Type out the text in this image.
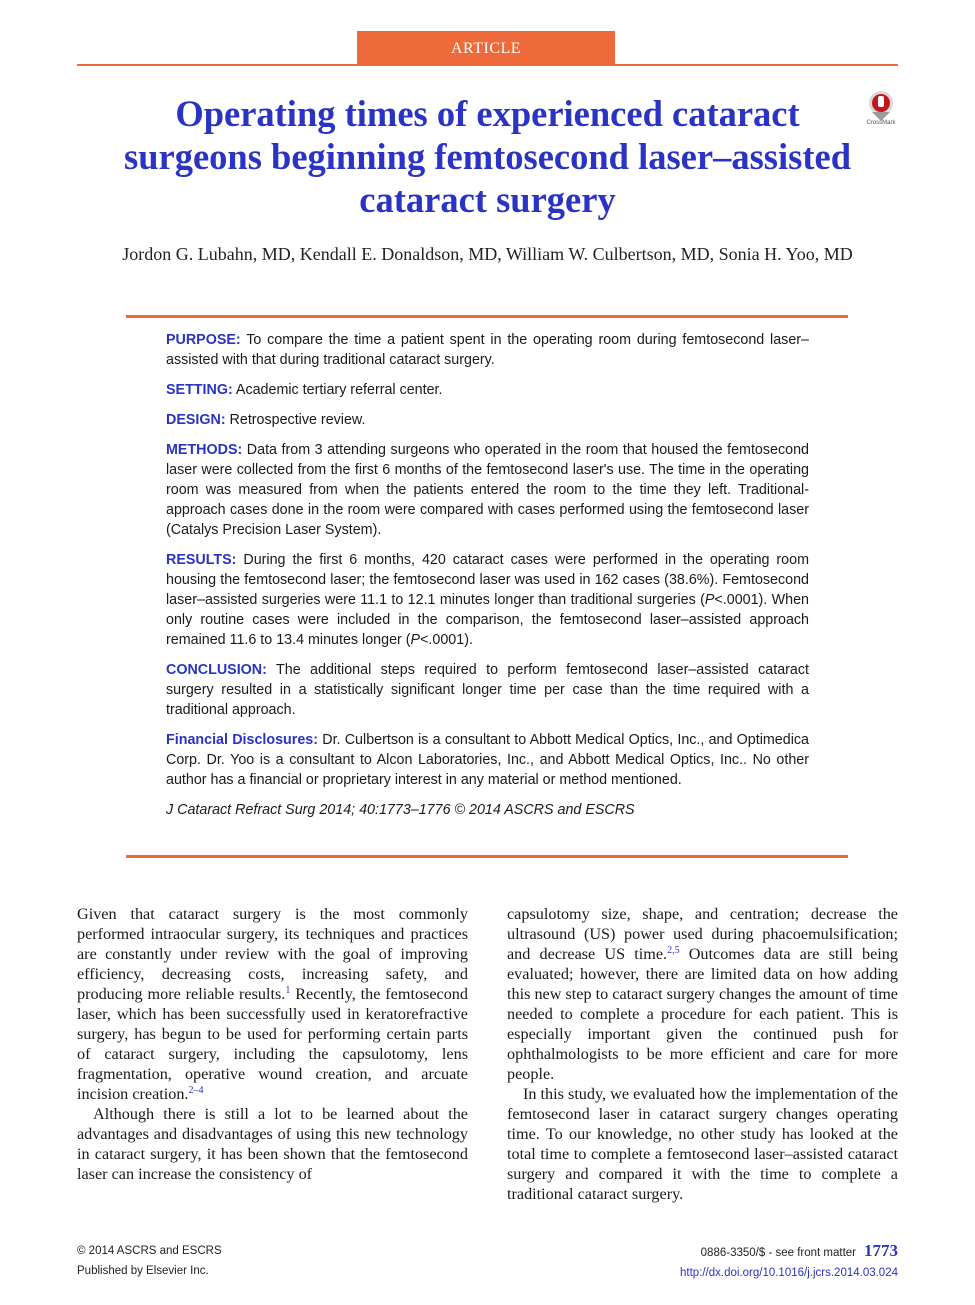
ARTICLE
Operating times of experienced cataract surgeons beginning femtosecond laser–assisted cataract surgery
CrossMark

Jordon G. Lubahn, MD, Kendall E. Donaldson, MD, William W. Culbertson, MD, Sonia H. Yoo, MD

PURPOSE: To compare the time a patient spent in the operating room during femtosecond laser–assisted with that during traditional cataract surgery.

SETTING: Academic tertiary referral center.

DESIGN: Retrospective review.

METHODS: Data from 3 attending surgeons who operated in the room that housed the femtosecond laser were collected from the first 6 months of the femtosecond laser's use. The time in the operating room was measured from when the patients entered the room to the time they left. Traditional-approach cases done in the room were compared with cases performed using the femtosecond laser (Catalys Precision Laser System).

RESULTS: During the first 6 months, 420 cataract cases were performed in the operating room housing the femtosecond laser; the femtosecond laser was used in 162 cases (38.6%). Femtosecond laser–assisted surgeries were 11.1 to 12.1 minutes longer than traditional surgeries (P<.0001). When only routine cases were included in the comparison, the femtosecond laser–assisted approach remained 11.6 to 13.4 minutes longer (P<.0001).

CONCLUSION: The additional steps required to perform femtosecond laser–assisted cataract surgery resulted in a statistically significant longer time per case than the time required with a traditional approach.

Financial Disclosures: Dr. Culbertson is a consultant to Abbott Medical Optics, Inc., and Optimedica Corp. Dr. Yoo is a consultant to Alcon Laboratories, Inc., and Abbott Medical Optics, Inc.. No other author has a financial or proprietary interest in any material or method mentioned.

J Cataract Refract Surg 2014; 40:1773–1776 © 2014 ASCRS and ESCRS

Given that cataract surgery is the most commonly performed intraocular surgery, its techniques and practices are constantly under review with the goal of improving efficiency, decreasing costs, increasing safety, and producing more reliable results.$^1$ Recently, the femtosecond laser, which has been successfully used in keratorefractive surgery, has begun to be used for performing certain parts of cataract surgery, including the capsulotomy, lens fragmentation, operative wound creation, and arcuate incision creation.$^{2-4}$

Although there is still a lot to be learned about the advantages and disadvantages of using this new technology in cataract surgery, it has been shown that the femtosecond laser can increase the consistency of

capsulotomy size, shape, and centration; decrease the ultrasound (US) power used during phacoemulsification; and decrease US time.$^{2,5}$ Outcomes data are still being evaluated; however, there are limited data on how adding this new step to cataract surgery changes the amount of time needed to complete a procedure for each patient. This is especially important given the continued push for ophthalmologists to be more efficient and care for more people.

In this study, we evaluated how the implementation of the femtosecond laser in cataract surgery changes operating time. To our knowledge, no other study has looked at the total time to complete a femtosecond laser–assisted cataract surgery and compared it with the time to complete a traditional cataract surgery.

© 2014 ASCRS and ESCRS
Published by Elsevier Inc.
0886-3350/$ - see front matter 1773
http://dx.doi.org/10.1016/j.jcrs.2014.03.024
